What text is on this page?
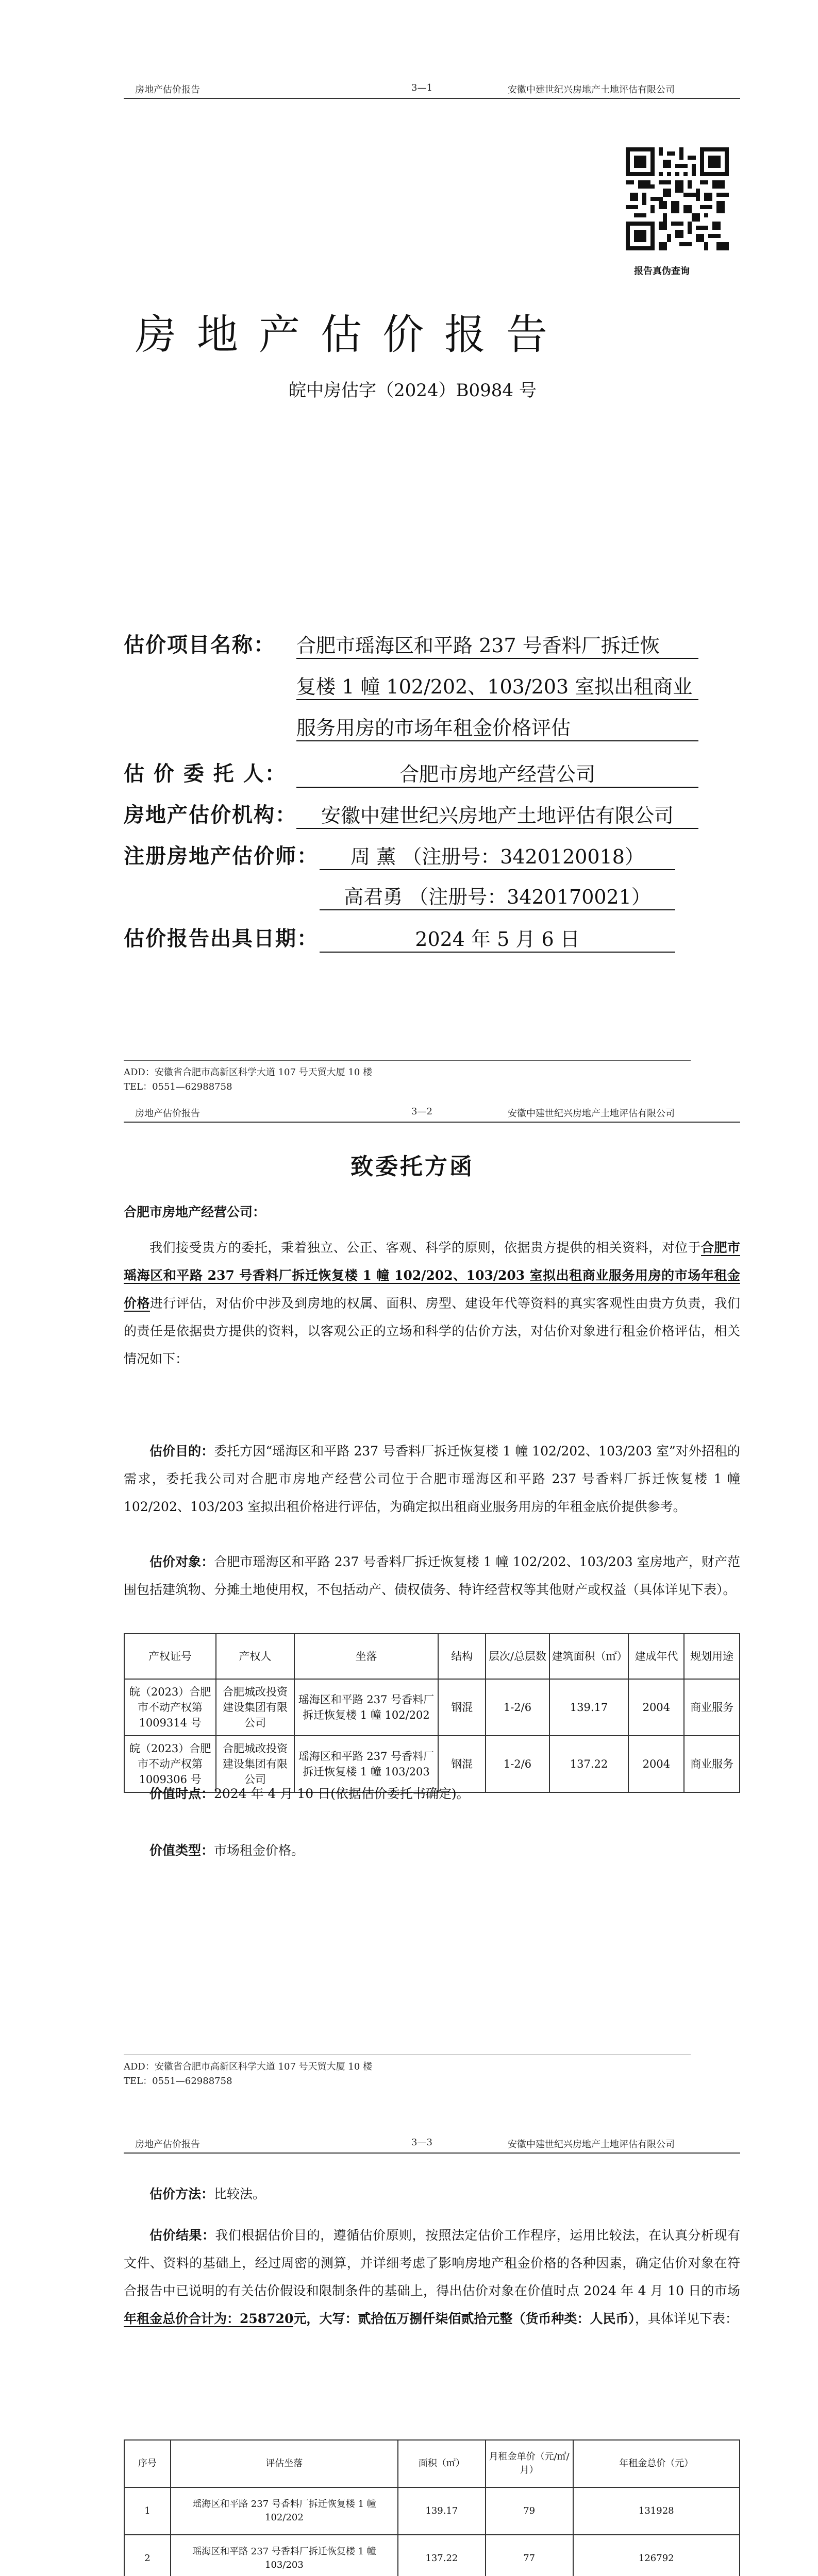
房地产估价报告	3—1	安徽中建世纪兴房地产土地评估有限公司
报告真伪查询
房地产估价报告
皖中房估字（2024）B0984 号
估价项目名称： 合肥市瑶海区和平路 237 号香料厂拆迁恢
复楼 1 幢 102/202、103/203 室拟出租商业
服务用房的市场年租金价格评估
估 价 委 托 人：	合肥市房地产经营公司
房地产估价机构：	安徽中建世纪兴房地产土地评估有限公司
注册房地产估价师：	周 薰 （注册号：3420120018）
高君勇 （注册号：3420170021）
估价报告出具日期：	2024 年 5 月 6 日
ADD：安徽省合肥市高新区科学大道 107 号天贸大厦 10 楼
TEL：0551—62988758
房地产估价报告	3—2	安徽中建世纪兴房地产土地评估有限公司
致委托方函
合肥市房地产经营公司：
我们接受贵方的委托，秉着独立、公正、客观、科学的原则，依据贵方提供的相关资料，对位于合肥市瑶海区和平路 237 号香料厂拆迁恢复楼 1 幢 102/202、103/203 室拟出租商业服务用房的市场年租金价格进行评估，对估价中涉及到房地的权属、面积、房型、建设年代等资料的真实客观性由贵方负责，我们的责任是依据贵方提供的资料，以客观公正的立场和科学的估价方法，对估价对象进行租金价格评估，相关情况如下：
估价目的：委托方因“瑶海区和平路 237 号香料厂拆迁恢复楼 1 幢 102/202、103/203 室”对外招租的需求，委托我公司对合肥市房地产经营公司位于合肥市瑶海区和平路 237 号香料厂拆迁恢复楼 1 幢 102/202、103/203 室拟出租价格进行评估，为确定拟出租商业服务用房的年租金底价提供参考。
估价对象：合肥市瑶海区和平路 237 号香料厂拆迁恢复楼 1 幢 102/202、103/203 室房地产，财产范围包括建筑物、分摊土地使用权，不包括动产、债权债务、特许经营权等其他财产或权益（具体详见下表）。
产权证号	产权人	坐落	结构	层次/总层数	建筑面积（㎡）	建成年代	规划用途
皖（2023）合肥市不动产权第 1009314 号	合肥城改投资建设集团有限公司	瑶海区和平路 237 号香料厂拆迁恢复楼 1 幢 102/202	钢混	1-2/6	139.17	2004	商业服务
皖（2023）合肥市不动产权第 1009306 号	合肥城改投资建设集团有限公司	瑶海区和平路 237 号香料厂拆迁恢复楼 1 幢 103/203	钢混	1-2/6	137.22	2004	商业服务
价值时点：2024 年 4 月 10 日(依据估价委托书确定)。
价值类型：市场租金价格。
ADD：安徽省合肥市高新区科学大道 107 号天贸大厦 10 楼
TEL：0551—62988758
房地产估价报告	3—3	安徽中建世纪兴房地产土地评估有限公司
估价方法：比较法。
估价结果：我们根据估价目的，遵循估价原则，按照法定估价工作程序，运用比较法，在认真分析现有文件、资料的基础上，经过周密的测算，并详细考虑了影响房地产租金价格的各种因素，确定估价对象在符合报告中已说明的有关估价假设和限制条件的基础上，得出估价对象在价值时点 2024 年 4 月 10 日的市场年租金总价合计为：258720元，大写：贰拾伍万捌仟柒佰贰拾元整（货币种类：人民币），具体详见下表：
序号	评估坐落	面积（㎡）	月租金单价（元/㎡/月）	年租金总价（元）
1	瑶海区和平路 237 号香料厂拆迁恢复楼 1 幢 102/202	139.17	79	131928
2	瑶海区和平路 237 号香料厂拆迁恢复楼 1 幢 103/203	137.22	77	126792
